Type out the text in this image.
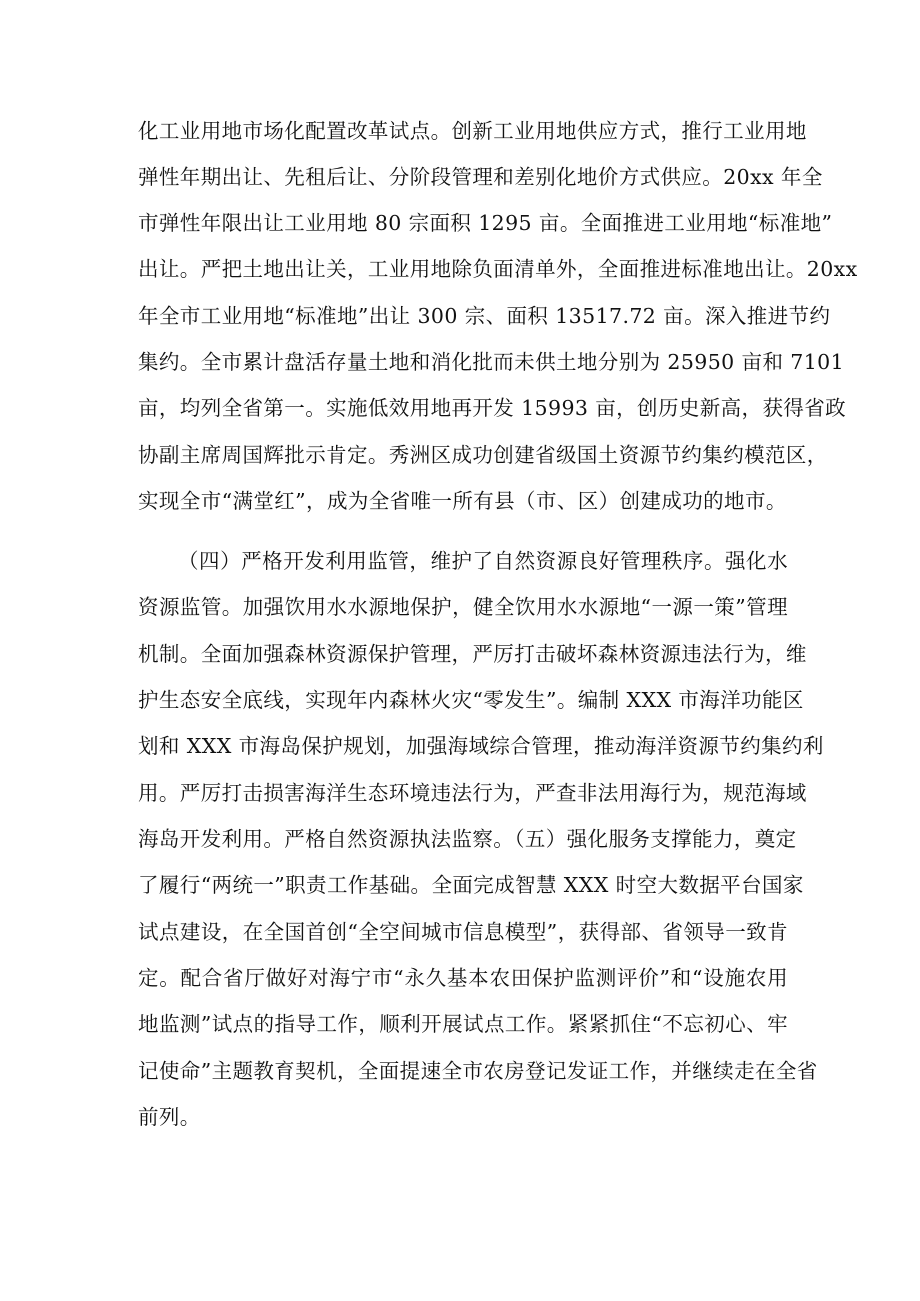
化工业用地市场化配置改革试点。创新工业用地供应方式，推行工业用地
弹性年期出让、先租后让、分阶段管理和差别化地价方式供应。20xx 年全
市弹性年限出让工业用地 80 宗面积 1295 亩。全面推进工业用地“标准地”
出让。严把土地出让关，工业用地除负面清单外，全面推进标准地出让。20xx
年全市工业用地“标准地”出让 300 宗、面积 13517.72 亩。深入推进节约
集约。全市累计盘活存量土地和消化批而未供土地分别为 25950 亩和 7101
亩，均列全省第一。实施低效用地再开发 15993 亩，创历史新高，获得省政
协副主席周国辉批示肯定。秀洲区成功创建省级国土资源节约集约模范区，
实现全市“满堂红”，成为全省唯一所有县（市、区）创建成功的地市。
（四）严格开发利用监管，维护了自然资源良好管理秩序。强化水
资源监管。加强饮用水水源地保护，健全饮用水水源地“一源一策”管理
机制。全面加强森林资源保护管理，严厉打击破坏森林资源违法行为，维
护生态安全底线，实现年内森林火灾“零发生”。编制 XXX 市海洋功能区
划和 XXX 市海岛保护规划，加强海域综合管理，推动海洋资源节约集约利
用。严厉打击损害海洋生态环境违法行为，严查非法用海行为，规范海域
海岛开发利用。严格自然资源执法监察。（五）强化服务支撑能力，奠定
了履行“两统一”职责工作基础。全面完成智慧 XXX 时空大数据平台国家
试点建设，在全国首创“全空间城市信息模型”，获得部、省领导一致肯
定。配合省厅做好对海宁市“永久基本农田保护监测评价”和“设施农用
地监测”试点的指导工作，顺利开展试点工作。紧紧抓住“不忘初心、牢
记使命”主题教育契机，全面提速全市农房登记发证工作，并继续走在全省
前列。
